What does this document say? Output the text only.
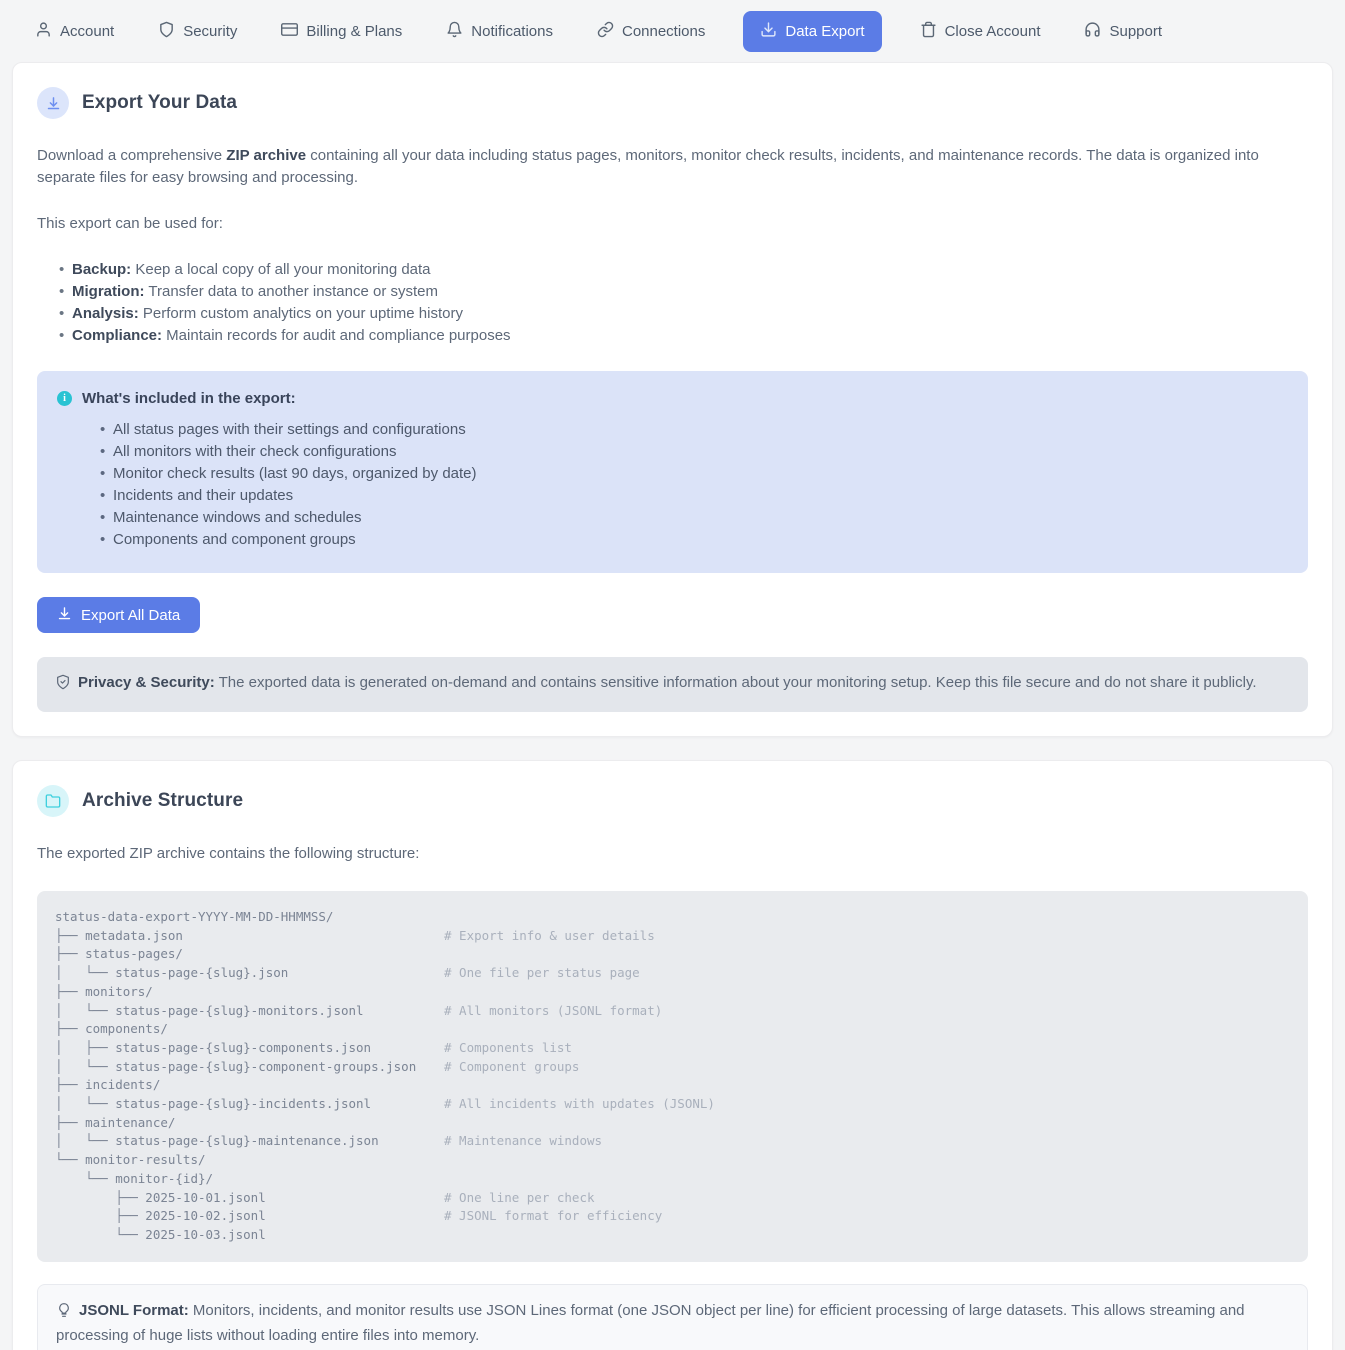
Account	Security	Billing & Plans	Notifications	Connections	Data Export	Close Account	Support
Export Your Data

Download a comprehensive ZIP archive containing all your data including status pages, monitors, monitor check results, incidents, and maintenance records. The data is organized into separate files for easy browsing and processing.

This export can be used for:

• Backup: Keep a local copy of all your monitoring data
• Migration: Transfer data to another instance or system
• Analysis: Perform custom analytics on your uptime history
• Compliance: Maintain records for audit and compliance purposes
i	What's included in the export:
• All status pages with their settings and configurations
• All monitors with their check configurations
• Monitor check results (last 90 days, organized by date)
• Incidents and their updates
• Maintenance windows and schedules
• Components and component groups
Export All Data
Privacy & Security: The exported data is generated on-demand and contains sensitive information about your monitoring setup. Keep this file secure and do not share it publicly.
Archive Structure

The exported ZIP archive contains the following structure:

status-data-export-YYYY-MM-DD-HHMMSS/
├── metadata.json	# Export info & user details
├── status-pages/
│   └── status-page-{slug}.json	# One file per status page
├── monitors/
│   └── status-page-{slug}-monitors.jsonl	# All monitors (JSONL format)
├── components/
│   ├── status-page-{slug}-components.json	# Components list
│   └── status-page-{slug}-component-groups.json # Component groups
├── incidents/
│   └── status-page-{slug}-incidents.jsonl	# All incidents with updates (JSONL)
├── maintenance/
│   └── status-page-{slug}-maintenance.json	# Maintenance windows
└── monitor-results/
└── monitor-{id}/
├── 2025-10-01.jsonl	# One line per check
├── 2025-10-02.jsonl	# JSONL format for efficiency
└── 2025-10-03.jsonl
JSONL Format: Monitors, incidents, and monitor results use JSON Lines format (one JSON object per line) for efficient processing of large datasets. This allows streaming and processing of huge lists without loading entire files into memory.
